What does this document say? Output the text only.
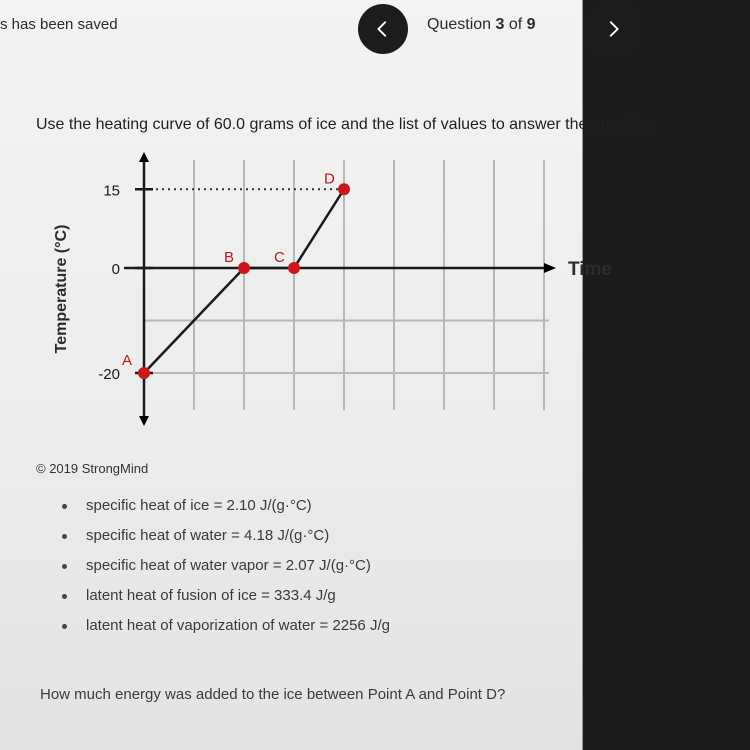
s has been saved	Question 3 of 9
Use the heating curve of 60.0 grams of ice and the list of values to answer the question.
15
0
-20
Temperature (°C)	Time
A
B	C
D
© 2019 StrongMind
specific heat of ice = 2.10 J/(g·°C)
specific heat of water = 4.18 J/(g·°C)
specific heat of water vapor = 2.07 J/(g·°C)
latent heat of fusion of ice = 333.4 J/g
latent heat of vaporization of water = 2256 J/g
How much energy was added to the ice between Point A and Point D?
